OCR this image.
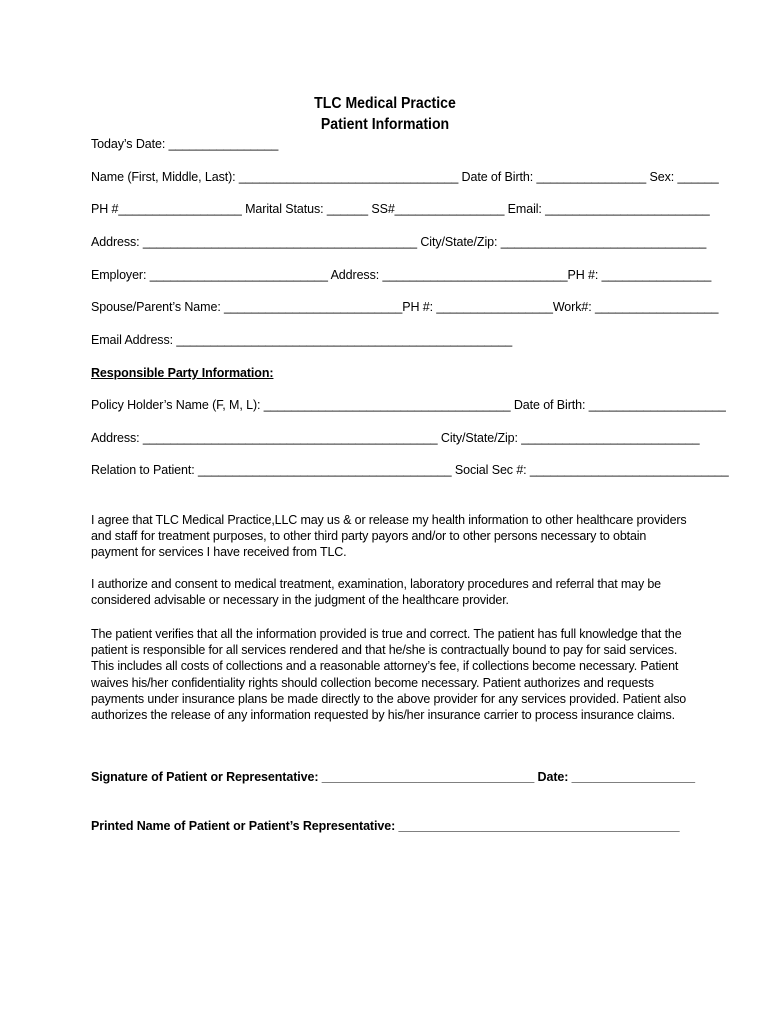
TLC Medical Practice
Patient Information
Today’s Date: ________________
Name (First, Middle, Last): ________________________________ Date of Birth: ________________ Sex: ______
PH #__________________ Marital Status: ______ SS#________________ Email: ________________________
Address: ________________________________________ City/State/Zip: ______________________________
Employer: __________________________ Address: ___________________________PH #: ________________
Spouse/Parent’s Name: __________________________PH #: _________________Work#: __________________
Email Address: _________________________________________________
Responsible Party Information:
Policy Holder’s Name (F, M, L): ____________________________________ Date of Birth: ____________________
Address: ___________________________________________ City/State/Zip: __________________________
Relation to Patient: _____________________________________ Social Sec #: _____________________________
I agree that TLC Medical Practice,LLC may us & or release my health information to other healthcare providers and staff for treatment purposes, to other third party payors and/or to other persons necessary to obtain payment for services I have received from TLC.
I authorize and consent to medical treatment, examination, laboratory procedures and referral that may be considered advisable or necessary in the judgment of the healthcare provider.
The patient verifies that all the information provided is true and correct. The patient has full knowledge that the patient is responsible for all services rendered and that he/she is contractually bound to pay for said services. This includes all costs of collections and a reasonable attorney’s fee, if collections become necessary. Patient waives his/her confidentiality rights should collection become necessary. Patient authorizes and requests payments under insurance plans be made directly to the above provider for any services provided. Patient also authorizes the release of any information requested by his/her insurance carrier to process insurance claims.
Signature of Patient or Representative: _______________________________ Date: __________________
Printed Name of Patient or Patient’s Representative: _________________________________________
